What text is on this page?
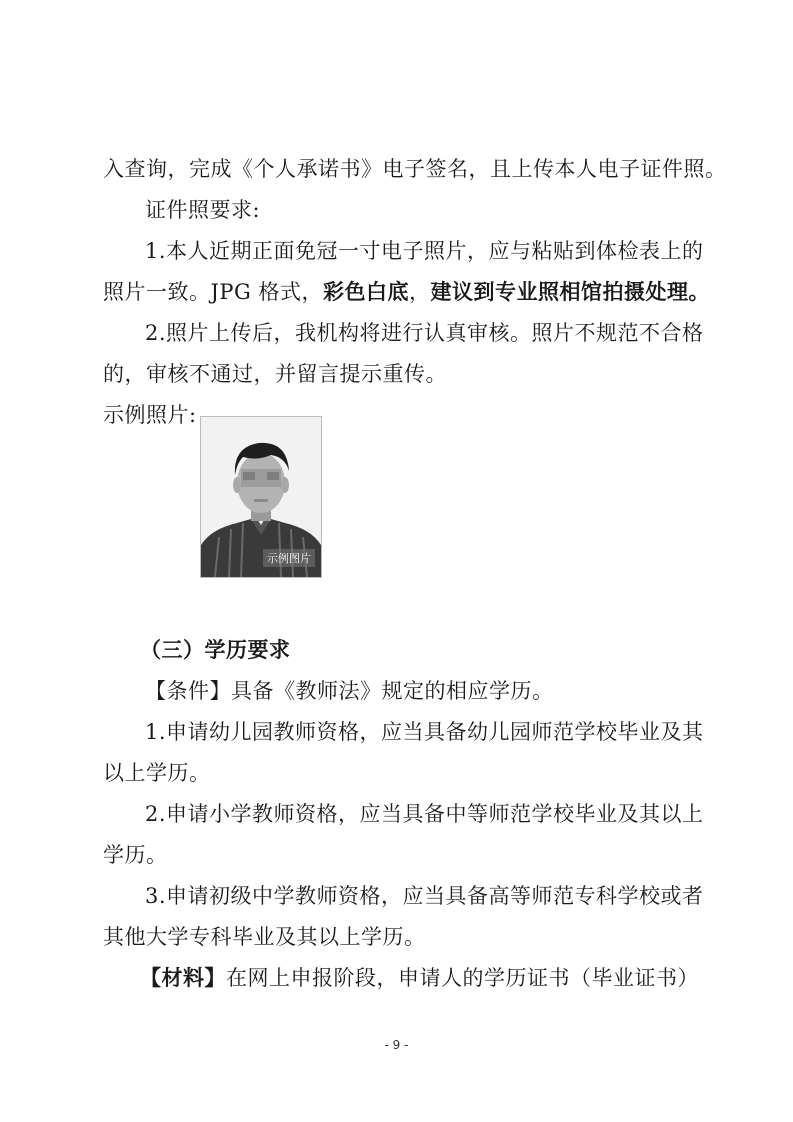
入查询，完成《个人承诺书》电子签名，且上传本人电子证件照。
证件照要求:
1.本人近期正面免冠一寸电子照片，应与粘贴到体检表上的
照片一致。JPG 格式，彩色白底，建议到专业照相馆拍摄处理。
2.照片上传后，我机构将进行认真审核。照片不规范不合格
的，审核不通过，并留言提示重传。
示例照片:
示例图片
（三）学历要求
【条件】具备《教师法》规定的相应学历。
1.申请幼儿园教师资格，应当具备幼儿园师范学校毕业及其
以上学历。
2.申请小学教师资格，应当具备中等师范学校毕业及其以上
学历。
3.申请初级中学教师资格，应当具备高等师范专科学校或者
其他大学专科毕业及其以上学历。
【材料】在网上申报阶段，申请人的学历证书（毕业证书）
- 9 -
